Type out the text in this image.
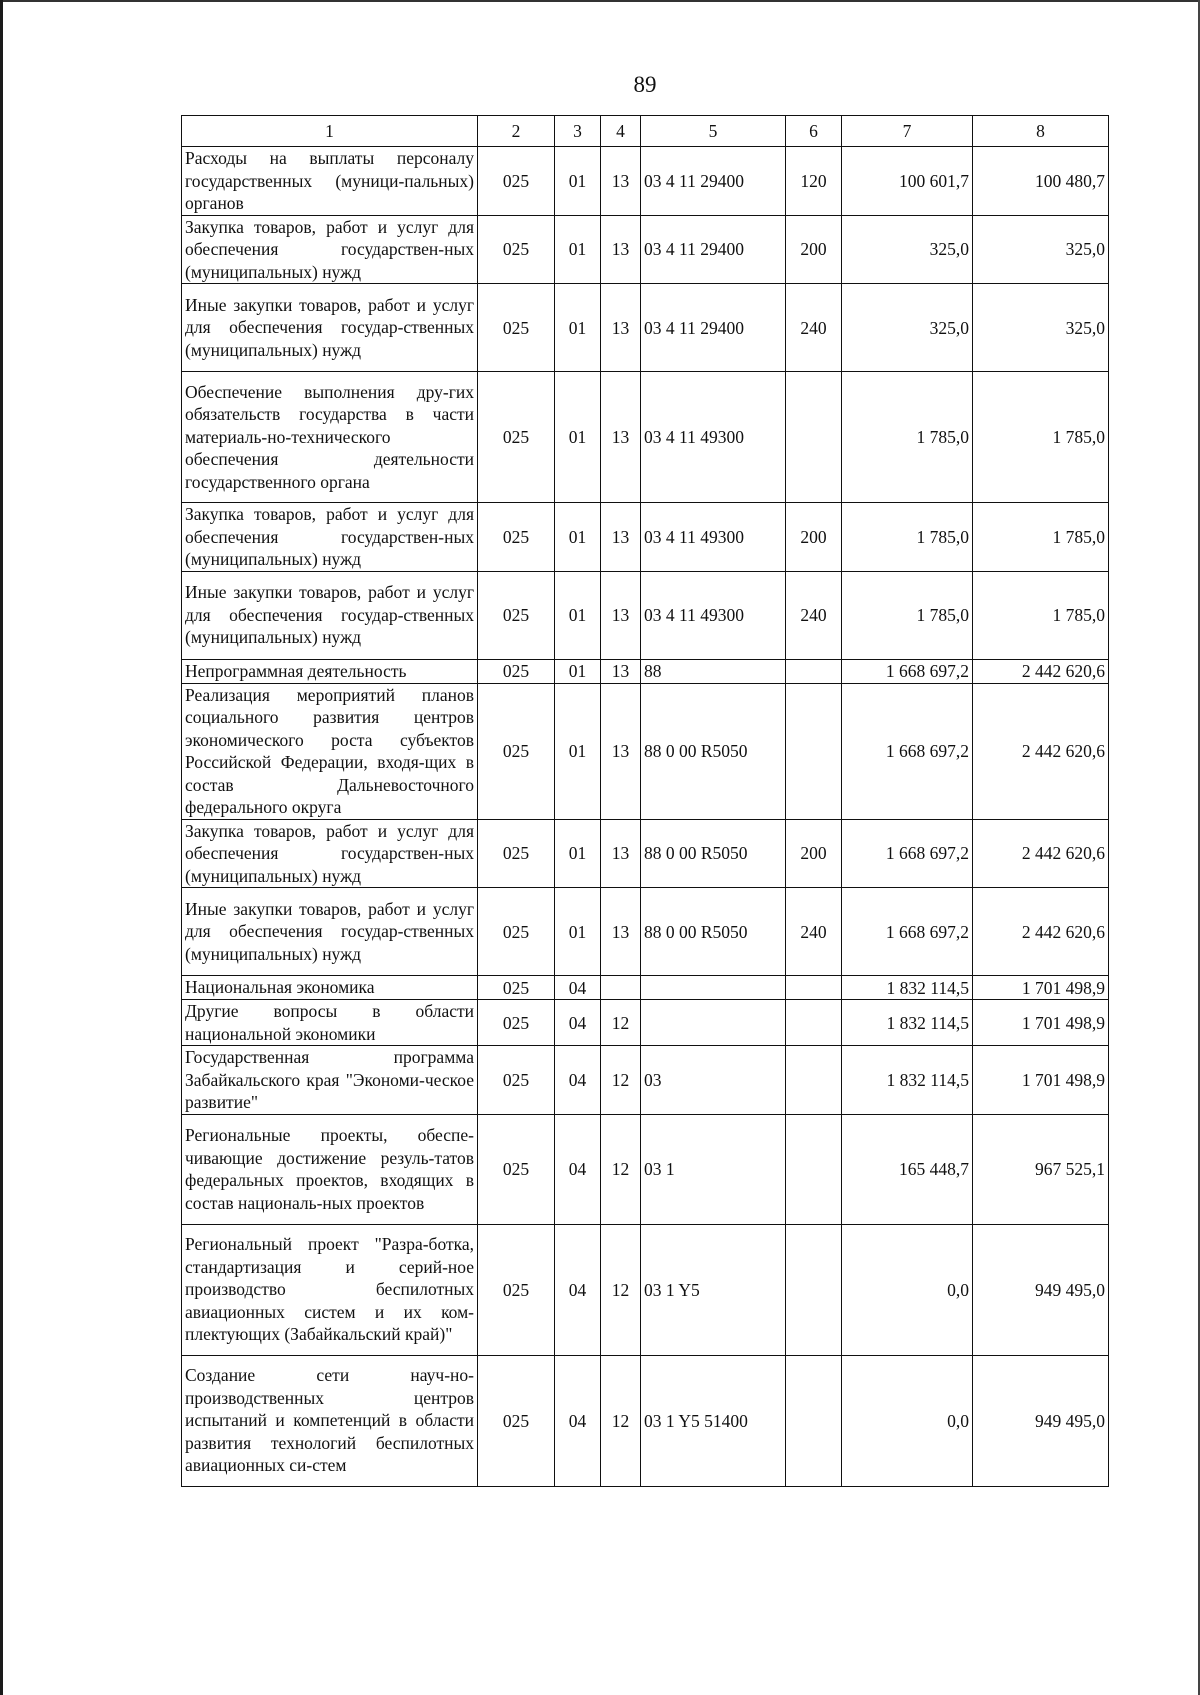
89
1	2	3	4	5	6	7	8
Расходы на выплаты персоналу государственных (муници-пальных) органов	025	01	13	03 4 11 29400	120	100 601,7	100 480,7
Закупка товаров, работ и услуг для обеспечения государствен-ных (муниципальных) нужд	025	01	13	03 4 11 29400	200	325,0	325,0
Иные закупки товаров, работ и услуг для обеспечения государ-ственных (муниципальных) нужд	025	01	13	03 4 11 29400	240	325,0	325,0
Обеспечение выполнения дру-гих обязательств государства в части материаль-но-технического обеспечения деятельности государственного органа	025	01	13	03 4 11 49300		1 785,0	1 785,0
Закупка товаров, работ и услуг для обеспечения государствен-ных (муниципальных) нужд	025	01	13	03 4 11 49300	200	1 785,0	1 785,0
Иные закупки товаров, работ и услуг для обеспечения государ-ственных (муниципальных) нужд	025	01	13	03 4 11 49300	240	1 785,0	1 785,0
Непрограммная деятельность	025	01	13	88		1 668 697,2	2 442 620,6
Реализация мероприятий планов социального развития центров экономического роста субъектов Российской Федерации, входя-щих в состав Дальневосточного федерального округа	025	01	13	88 0 00 R5050		1 668 697,2	2 442 620,6
Закупка товаров, работ и услуг для обеспечения государствен-ных (муниципальных) нужд	025	01	13	88 0 00 R5050	200	1 668 697,2	2 442 620,6
Иные закупки товаров, работ и услуг для обеспечения государ-ственных (муниципальных) нужд	025	01	13	88 0 00 R5050	240	1 668 697,2	2 442 620,6
Национальная экономика	025	04				1 832 114,5	1 701 498,9
Другие вопросы в области национальной экономики	025	04	12			1 832 114,5	1 701 498,9
Государственная программа Забайкальского края "Экономи-ческое развитие"	025	04	12	03		1 832 114,5	1 701 498,9
Региональные проекты, обеспе-чивающие достижение резуль-татов федеральных проектов, входящих в состав националь-ных проектов	025	04	12	03 1		165 448,7	967 525,1
Региональный проект "Разра-ботка, стандартизация и серий-ное производство беспилотных авиационных систем и их ком-плектующих (Забайкальский край)"	025	04	12	03 1 Y5		0,0	949 495,0
Создание сети науч-но-производственных центров испытаний и компетенций в области развития технологий беспилотных авиационных си-стем	025	04	12	03 1 Y5 51400		0,0	949 495,0
